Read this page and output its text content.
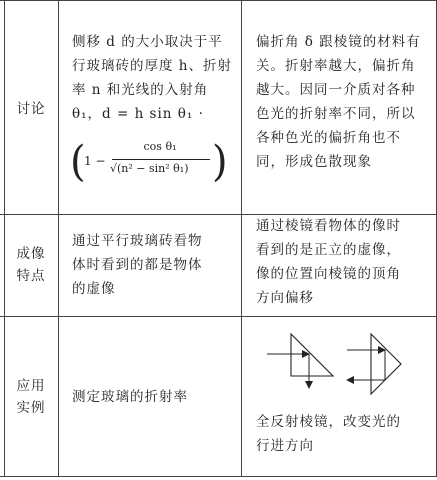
讨论
侧移 d 的大小取决于平
行玻璃砖的厚度 h、折射
率 n 和光线的入射角
θ₁，d = h sin θ₁ ·
(
1 −
cos θ₁
√(n² − sin² θ₁) )
偏折角 δ 跟棱镜的材料有
关。折射率越大，偏折角
越大。因同一介质对各种
色光的折射率不同，所以
各种色光的偏折角也不
同，形成色散现象
成像
特点
通过平行玻璃砖看物
体时看到的都是物体
的虚像
通过棱镜看物体的像时
看到的是正立的虚像，
像的位置向棱镜的顶角
方向偏移
应用
实例
测定玻璃的折射率
全反射棱镜，改变光的
行进方向
